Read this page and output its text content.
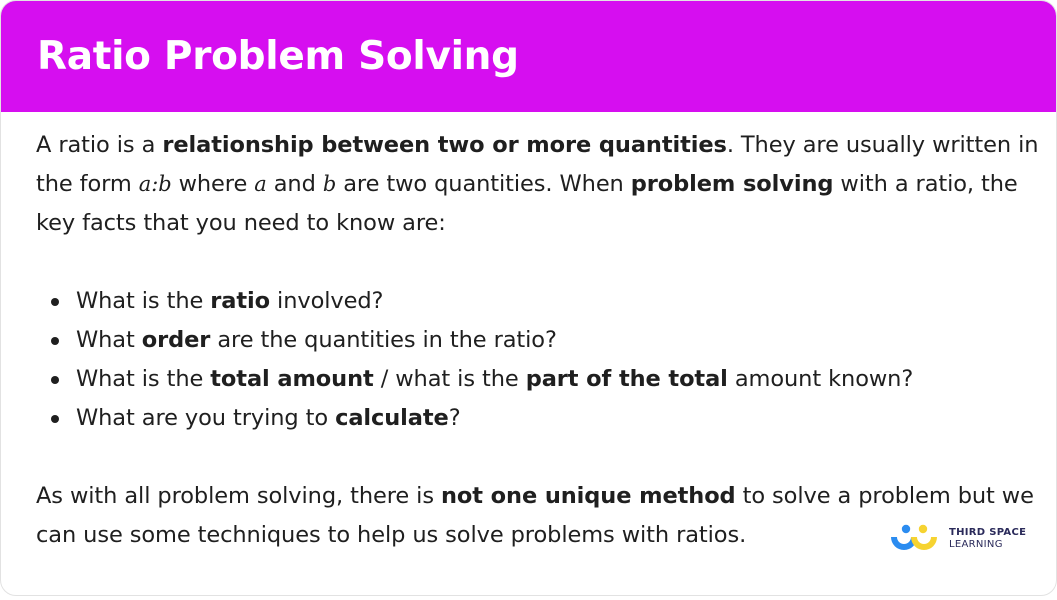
Ratio Problem Solving

A ratio is a relationship between two or more quantities. They are usually written in the form a:b where a and b are two quantities. When problem solving with a ratio, the key facts that you need to know are:

What is the ratio involved?
What order are the quantities in the ratio?
What is the total amount / what is the part of the total amount known?
What are you trying to calculate?

As with all problem solving, there is not one unique method to solve a problem but we can use some techniques to help us solve problems with ratios.	THIRD SPACE
LEARNING
